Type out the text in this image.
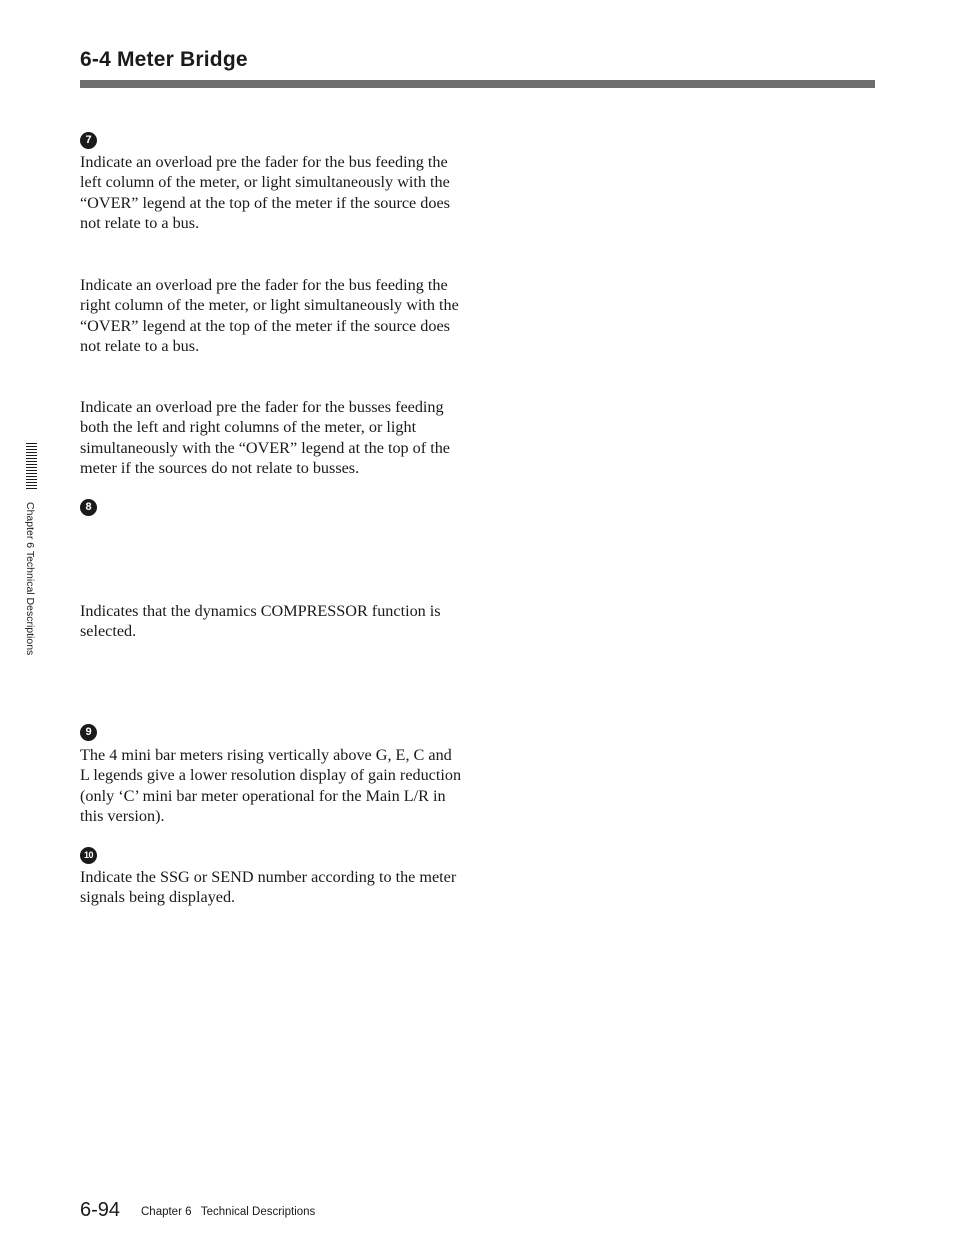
6-4 Meter Bridge
Chapter 6 Technical Descriptions
7

Indicate an overload pre the fader for the bus feeding the left column of the meter, or light simultaneously with the “OVER” legend at the top of the meter if the source does not relate to a bus.

Indicate an overload pre the fader for the bus feeding the right column of the meter, or light simultaneously with the “OVER” legend at the top of the meter if the source does not relate to a bus.

Indicate an overload pre the fader for the busses feeding both the left and right columns of the meter, or light simultaneously with the “OVER” legend at the top of the meter if the sources do not relate to busses.

8

Indicates that the dynamics COMPRESSOR function is selected.

9

The 4 mini bar meters rising vertically above G, E, C and L legends give a lower resolution display of gain reduction (only ‘C’ mini bar meter operational for the Main L/R in this version).

10

Indicate the SSG or SEND number according to the meter signals being displayed.

6-94 Chapter 6   Technical Descriptions
